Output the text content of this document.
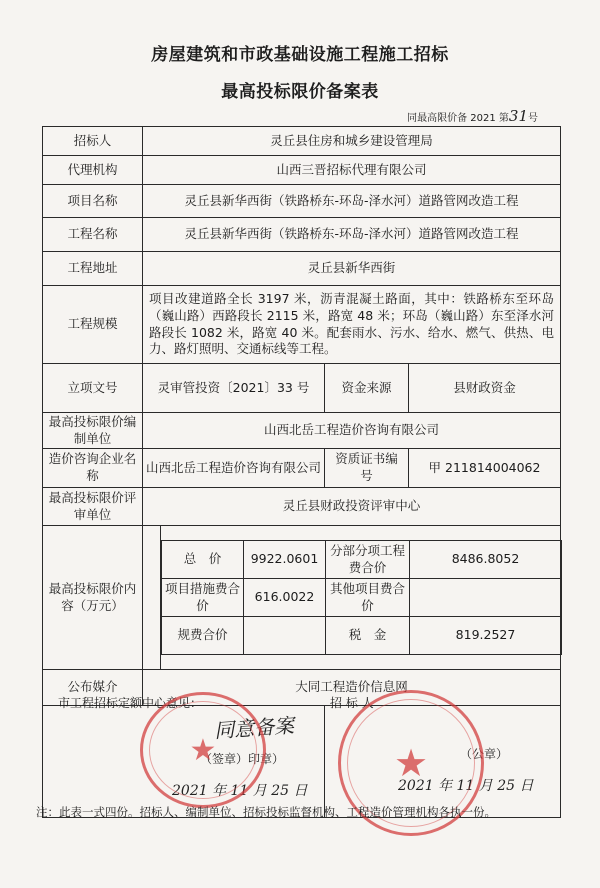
房屋建筑和市政基础设施工程施工招标
最高投标限价备案表
同最高限价备 2021 第31号
招标人	灵丘县住房和城乡建设管理局
代理机构	山西三晋招标代理有限公司
项目名称	灵丘县新华西街（铁路桥东-环岛-泽水河）道路管网改造工程
工程名称	灵丘县新华西街（铁路桥东-环岛-泽水河）道路管网改造工程
工程地址	灵丘县新华西街
工程规模	项目改建道路全长 3197 米，沥青混凝土路面，其中：铁路桥东至环岛（巍山路）西路段长 2115 米，路宽 48 米；环岛（巍山路）东至泽水河路段长 1082 米，路宽 40 米。配套雨水、污水、给水、燃气、供热、电力、路灯照明、交通标线等工程。
立项文号	灵审管投资〔2021〕33 号	资金来源	县财政资金
最高投标限价编制单位	山西北岳工程造价咨询有限公司
造价咨询企业名称	山西北岳工程造价咨询有限公司	资质证书编　号	甲 211814004062
最高投标限价评审单位	灵丘县财政投资评审中心
最高投标限价内容（万元）		
总　价	9922.0601	分部分项工程费合价	8486.8052
项目措施费合　价	616.0022	其他项目费合　价	
规费合价		税　金	819.2527

公布媒介	大同工程造价信息网

市工程招标定额中心意见：
（签章）印章）
2021 年 11 月 25 日
同意备案
招 标 人
（公章）
2021 年 11 月 25 日
★	★
注：此表一式四份。招标人、编制单位、招标投标监督机构、工程造价管理机构各执一份。
